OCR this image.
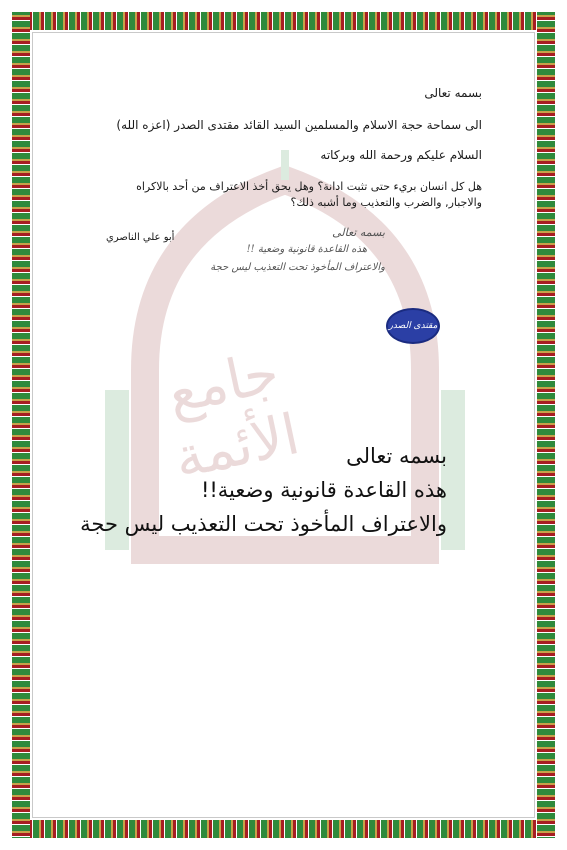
جامع الأئمة
بسمه تعالى
الى سماحة حجة الاسلام والمسلمين السيد القائد مقتدى الصدر (اعزه الله)
السلام عليكم ورحمة الله وبركاته
هل كل انسان بريء حتى تثبت ادانة؟ وهل يحق أخذ الاعتراف من أحد بالاكراه
والاجبار, والضرب والتعذيب وما أشبه ذلك؟
أبو علي الناصري	بسمه تعالى
هذه القاعدة قانونية وضعية !!
والاعتراف المأخوذ تحت التعذيب ليس حجة
مقتدى الصدر
بسمه تعالى
هذه القاعدة قانونية وضعية!!
والاعتراف المأخوذ تحت التعذيب ليس حجة
